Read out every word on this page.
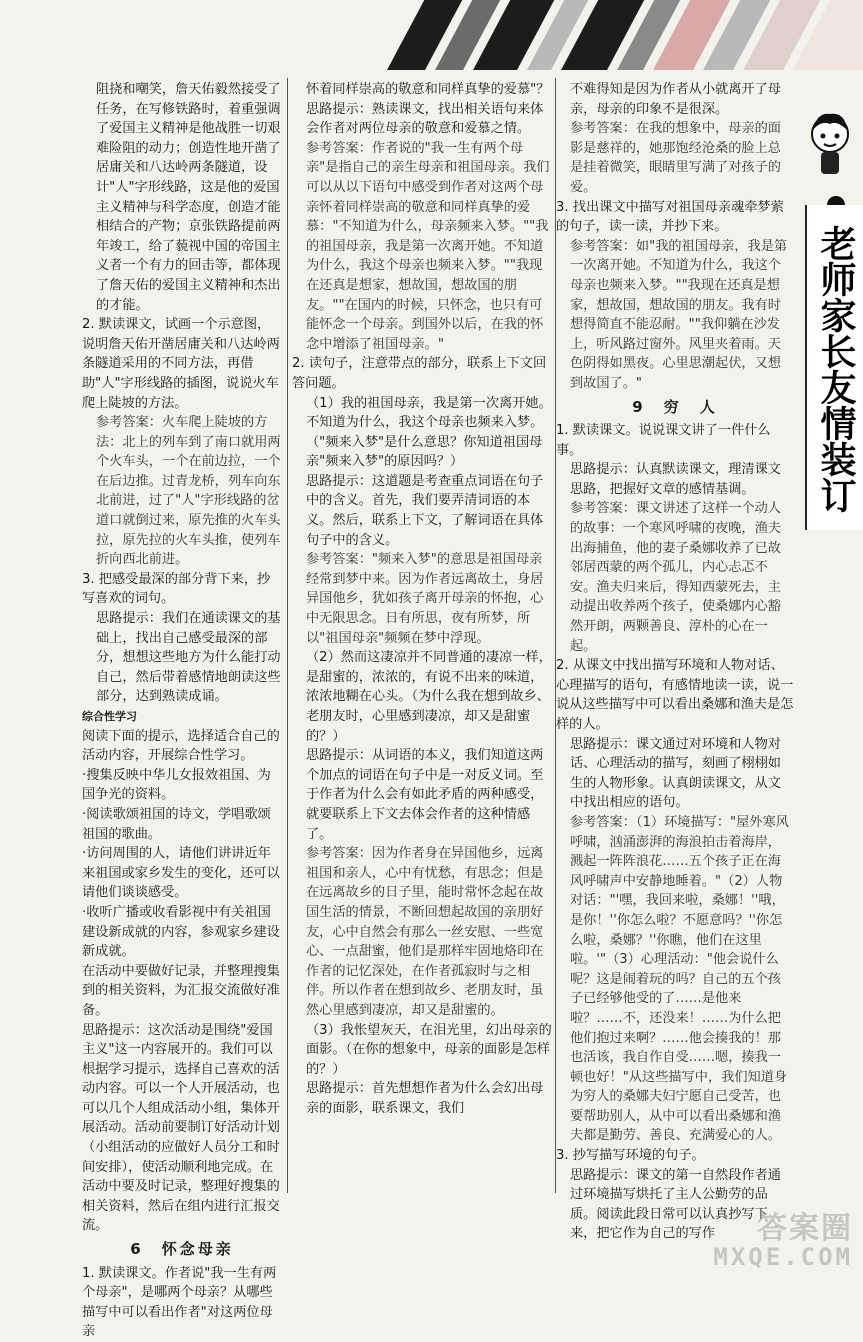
老师家长友情装订

阻挠和嘲笑，詹天佑毅然接受了任务，在写修铁路时，着重强调了爱国主义精神是他战胜一切艰难险阻的动力；创造性地开凿了居庸关和八达岭两条隧道，设计"人"字形线路，这是他的爱国主义精神与科学态度，创造才能相结合的产物；京张铁路提前两年竣工，给了藐视中国的帝国主义者一个有力的回击等，都体现了詹天佑的爱国主义精神和杰出的才能。

2. 默读课文，试画一个示意图，说明詹天佑开凿居庸关和八达岭两条隧道采用的不同方法，再借助"人"字形线路的插图，说说火车爬上陡坡的方法。

参考答案：火车爬上陡坡的方法：北上的列车到了南口就用两个火车头，一个在前边拉，一个在后边推。过青龙桥，列车向东北前进，过了"人"字形线路的岔道口就倒过来，原先推的火车头拉，原先拉的火车头推，使列车折向西北前进。

3. 把感受最深的部分背下来，抄写喜欢的词句。

思路提示：我们在通读课文的基础上，找出自己感受最深的部分，想想这些地方为什么能打动自己，然后带着感情地朗读这些部分，达到熟读成诵。

综合性学习

阅读下面的提示，选择适合自己的活动内容，开展综合性学习。

·搜集反映中华儿女报效祖国、为国争光的资料。

·阅读歌颂祖国的诗文，学唱歌颂祖国的歌曲。

·访问周围的人，请他们讲讲近年来祖国或家乡发生的变化，还可以请他们谈谈感受。

·收听广播或收看影视中有关祖国建设新成就的内容，参观家乡建设新成就。

在活动中要做好记录，并整理搜集到的相关资料，为汇报交流做好准备。

思路提示：这次活动是围绕"爱国主义"这一内容展开的。我们可以根据学习提示，选择自己喜欢的活动内容。可以一个人开展活动，也可以几个人组成活动小组，集体开展活动。活动前要制订好活动计划（小组活动的应做好人员分工和时间安排），使活动顺利地完成。在活动中要及时记录，整理好搜集的相关资料，然后在组内进行汇报交流。

6　怀念母亲

1. 默读课文。作者说"我一生有两个母亲"，是哪两个母亲？从哪些描写中可以看出作者"对这两位母亲

怀着同样崇高的敬意和同样真挚的爱慕"？

思路提示：熟读课文，找出相关语句来体会作者对两位母亲的敬意和爱慕之情。

参考答案：作者说的"我一生有两个母亲"是指自己的亲生母亲和祖国母亲。我们可以从以下语句中感受到作者对这两个母亲怀着同样崇高的敬意和同样真挚的爱慕："不知道为什么，母亲频来入梦。""我的祖国母亲，我是第一次离开她。不知道为什么，我这个母亲也频来入梦。""我现在还真是想家，想故国，想故国的朋友。""在国内的时候，只怀念，也只有可能怀念一个母亲。到国外以后，在我的怀念中增添了祖国母亲。"

2. 读句子，注意带点的部分，联系上下文回答问题。

（1）我的祖国母亲，我是第一次离开她。不知道为什么，我这个母亲也频来入梦。（"频来入梦"是什么意思？你知道祖国母亲"频来入梦"的原因吗？）

思路提示：这道题是考查重点词语在句子中的含义。首先，我们要弄清词语的本义。然后，联系上下文，了解词语在具体句子中的含义。

参考答案："频来入梦"的意思是祖国母亲经常到梦中来。因为作者远离故土，身居异国他乡，犹如孩子离开母亲的怀抱，心中无限思念。日有所思，夜有所梦，所以"祖国母亲"频频在梦中浮现。

（2）然而这凄凉并不同普通的凄凉一样，是甜蜜的，浓浓的，有说不出来的味道，浓浓地糊在心头。（为什么我在想到故乡、老朋友时，心里感到凄凉，却又是甜蜜的？）

思路提示：从词语的本义，我们知道这两个加点的词语在句子中是一对反义词。至于作者为什么会有如此矛盾的两种感受，就要联系上下文去体会作者的这种情感了。

参考答案：因为作者身在异国他乡，远离祖国和亲人，心中有忧愁，有思念；但是在远离故乡的日子里，能时常怀念起在故国生活的情景，不断回想起故国的亲朋好友，心中自然会有那么一丝安慰、一些宽心、一点甜蜜，他们是那样牢固地烙印在作者的记忆深处，在作者孤寂时与之相伴。所以作者在想到故乡、老朋友时，虽然心里感到凄凉，却又是甜蜜的。

（3）我怅望灰天，在泪光里，幻出母亲的面影。（在你的想象中，母亲的面影是怎样的？）

思路提示：首先想想作者为什么会幻出母亲的面影，联系课文，我们

不难得知是因为作者从小就离开了母亲，母亲的印象不是很深。

参考答案：在我的想象中，母亲的面影是慈祥的，她那饱经沧桑的脸上总是挂着微笑，眼睛里写满了对孩子的爱。

3. 找出课文中描写对祖国母亲魂牵梦萦的句子，读一读，并抄下来。

参考答案：如"我的祖国母亲，我是第一次离开她。不知道为什么，我这个母亲也频来入梦。""我现在还真是想家，想故国，想故国的朋友。我有时想得简直不能忍耐。""我仰躺在沙发上，听风路过窗外。风里夹着雨。天色阴得如黑夜。心里思潮起伏，又想到故国了。"

9　穷　人

1. 默读课文。说说课文讲了一件什么事。

思路提示：认真默读课文，理清课文思路，把握好文章的感情基调。

参考答案：课文讲述了这样一个动人的故事：一个寒风呼啸的夜晚，渔夫出海捕鱼，他的妻子桑娜收养了已故邻居西蒙的两个孤儿，内心忐忑不安。渔夫归来后，得知西蒙死去，主动提出收养两个孩子，使桑娜内心豁然开朗，两颗善良、淳朴的心在一起。

2. 从课文中找出描写环境和人物对话、心理描写的语句，有感情地读一读，说一说从这些描写中可以看出桑娜和渔夫是怎样的人。

思路提示：课文通过对环境和人物对话、心理活动的描写，刻画了栩栩如生的人物形象。认真朗读课文，从文中找出相应的语句。

参考答案：（1）环境描写："屋外寒风呼啸，汹涌澎湃的海浪拍击着海岸，溅起一阵阵浪花……五个孩子正在海风呼啸声中安静地睡着。"（2）人物对话："'嘿，我回来啦，桑娜！''哦，是你！''你怎么啦？不愿意吗？''你怎么啦，桑娜？''你瞧，他们在这里啦。'"（3）心理活动："他会说什么呢？这是闹着玩的吗？自己的五个孩子已经够他受的了……是他来啦？……不，还没来！……为什么把他们抱过来啊？……他会揍我的！那也活该，我自作自受……嗯，揍我一顿也好！"从这些描写中，我们知道身为穷人的桑娜夫妇宁愿自己受苦，也要帮助别人，从中可以看出桑娜和渔夫都是勤劳、善良、充满爱心的人。

3. 抄写描写环境的句子。

思路提示：课文的第一自然段作者通过环境描写烘托了主人公勤劳的品质。阅读此段日常可以认真抄写下来，把它作为自己的写作	答案圈
MXQE.COM
